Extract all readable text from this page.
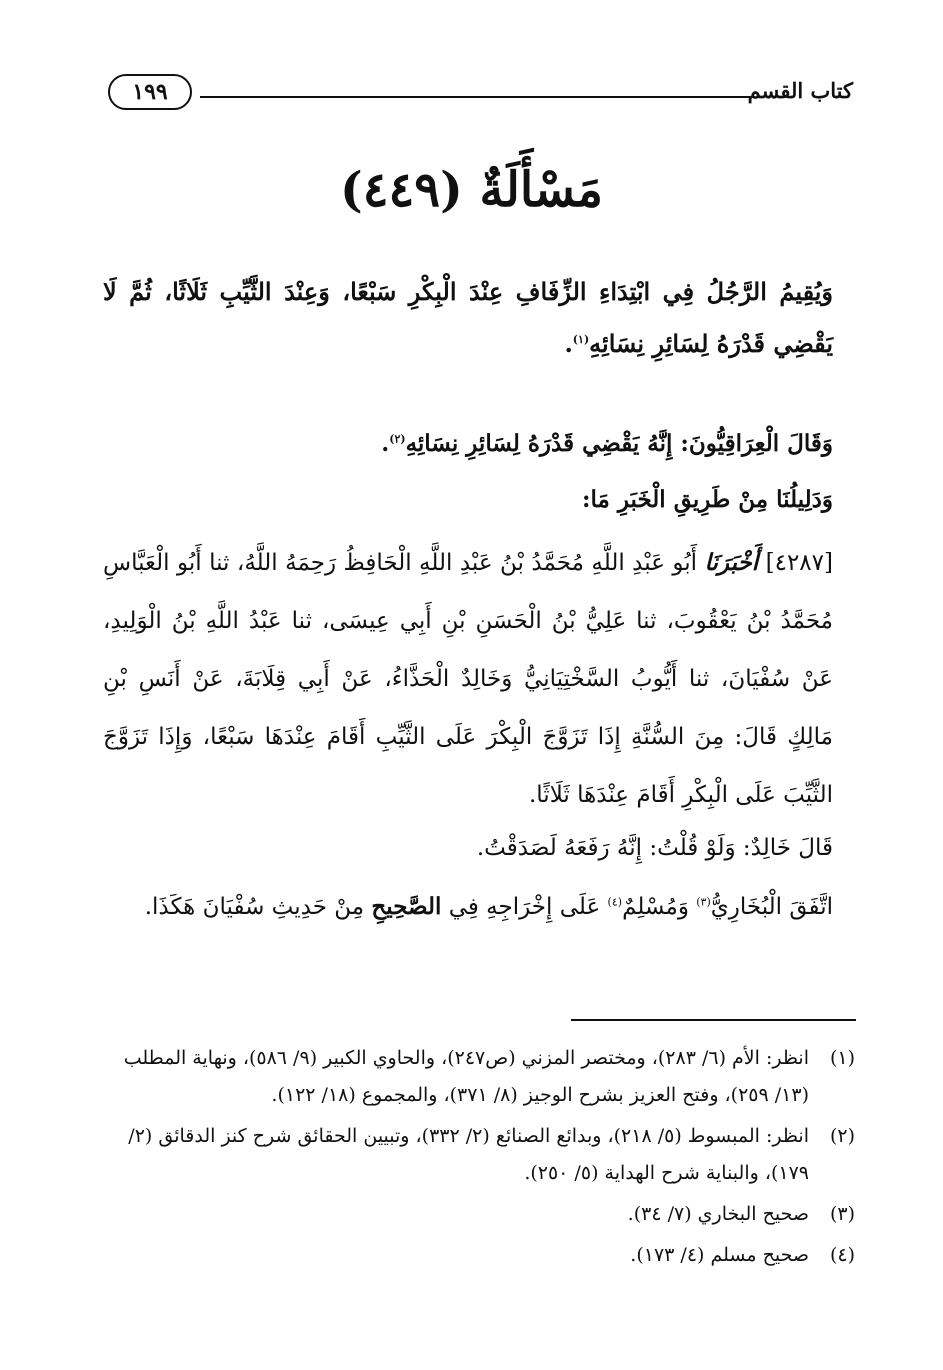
كتاب القسم
١٩٩
مَسْأَلَةٌ (٤٤٩)
وَيُقِيمُ الرَّجُلُ فِي ابْتِدَاءِ الزِّفَافِ عِنْدَ الْبِكْرِ سَبْعًا، وَعِنْدَ الثَّيِّبِ ثَلَاثًا، ثُمَّ لَا يَقْضِي قَدْرَهُ لِسَائِرِ نِسَائِهِ$^{(١)}$.
وَقَالَ الْعِرَاقِيُّونَ: إِنَّهُ يَقْضِي قَدْرَهُ لِسَائِرِ نِسَائِهِ$^{(٢)}$.
وَدَلِيلُنَا مِنْ طَرِيقِ الْخَبَرِ مَا:
[٤٢٨٧] أَخْبَرَنَا أَبُو عَبْدِ اللَّهِ مُحَمَّدُ بْنُ عَبْدِ اللَّهِ الْحَافِظُ رَحِمَهُ اللَّهُ، ثنا أَبُو الْعَبَّاسِ مُحَمَّدُ بْنُ يَعْقُوبَ، ثنا عَلِيُّ بْنُ الْحَسَنِ بْنِ أَبِي عِيسَى، ثنا عَبْدُ اللَّهِ بْنُ الْوَلِيدِ، عَنْ سُفْيَانَ، ثنا أَيُّوبُ السَّخْتِيَانِيُّ وَخَالِدٌ الْحَذَّاءُ، عَنْ أَبِي قِلَابَةَ، عَنْ أَنَسِ بْنِ مَالِكٍ قَالَ: مِنَ السُّنَّةِ إِذَا تَزَوَّجَ الْبِكْرَ عَلَى الثَّيِّبِ أَقَامَ عِنْدَهَا سَبْعًا، وَإِذَا تَزَوَّجَ الثَّيِّبَ عَلَى الْبِكْرِ أَقَامَ عِنْدَهَا ثَلَاثًا.
قَالَ خَالِدٌ: وَلَوْ قُلْتُ: إِنَّهُ رَفَعَهُ لَصَدَقْتُ.
اتَّفَقَ الْبُخَارِيُّ$^{(٣)}$ وَمُسْلِمٌ$^{(٤)}$ عَلَى إِخْرَاجِهِ فِي الصَّحِيحِ مِنْ حَدِيثِ سُفْيَانَ هَكَذَا.
(١)
انظر: الأم (٦/ ٢٨٣)، ومختصر المزني (ص٢٤٧)، والحاوي الكبير (٩/ ٥٨٦)، ونهاية المطلب (١٣/ ٢٥٩)، وفتح العزيز بشرح الوجيز (٨/ ٣٧١)، والمجموع (١٨/ ١٢٢).
(٢)
انظر: المبسوط (٥/ ٢١٨)، وبدائع الصنائع (٢/ ٣٣٢)، وتبيين الحقائق شرح كنز الدقائق (٢/ ١٧٩)، والبناية شرح الهداية (٥/ ٢٥٠).
(٣)
صحيح البخاري (٧/ ٣٤).
(٤)
صحيح مسلم (٤/ ١٧٣).
